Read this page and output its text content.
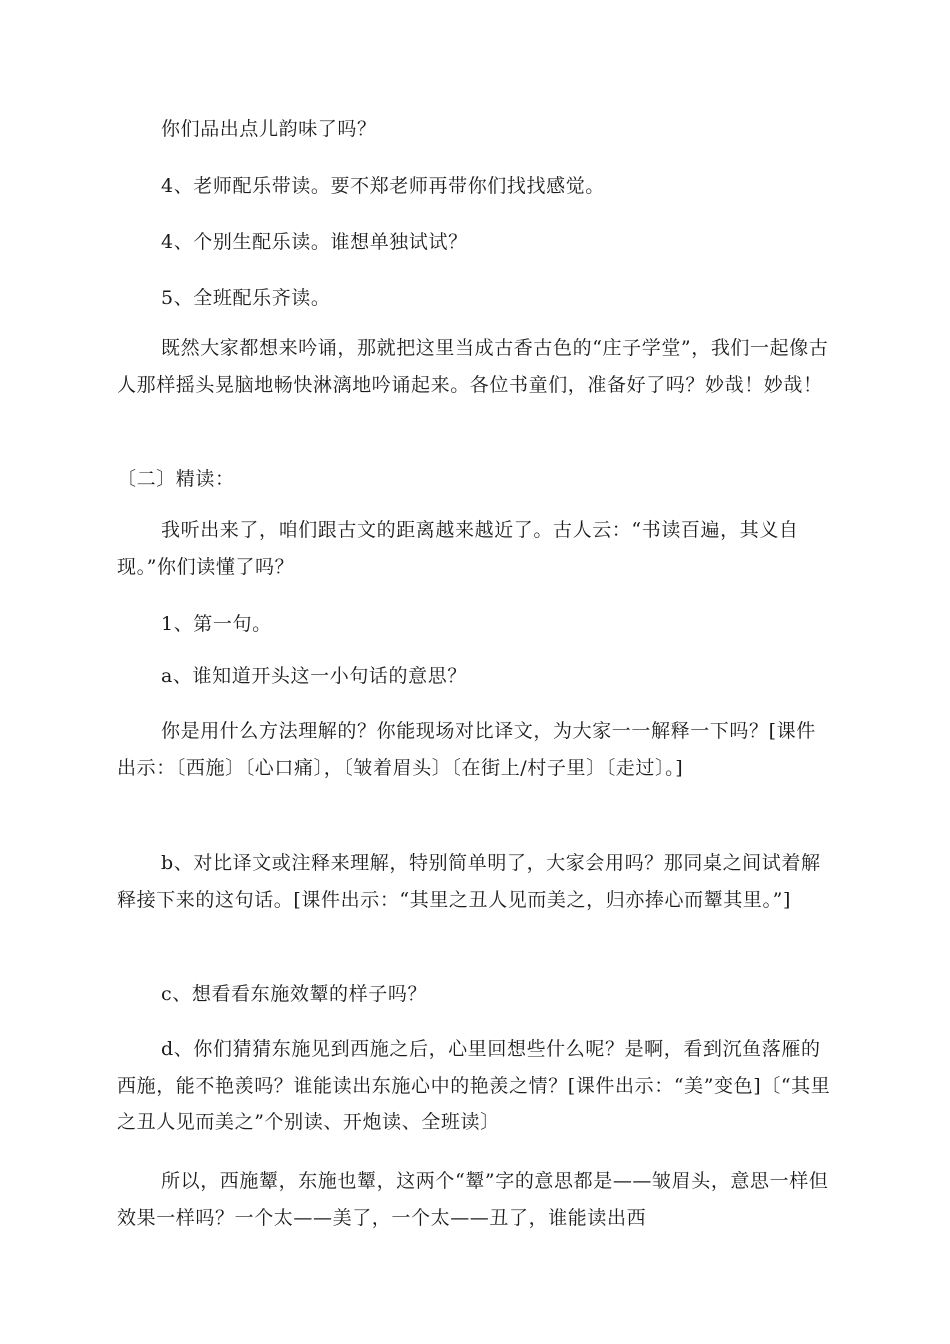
你们品出点儿韵味了吗？

4、老师配乐带读。要不郑老师再带你们找找感觉。

4、个别生配乐读。谁想单独试试？

5、全班配乐齐读。

既然大家都想来吟诵，那就把这里当成古香古色的“庄子学堂”，我们一起像古人那样摇头晃脑地畅快淋漓地吟诵起来。各位书童们，准备好了吗？妙哉！妙哉！

〔二〕精读：

我听出来了，咱们跟古文的距离越来越近了。古人云：“书读百遍，其义自现。”你们读懂了吗？

1、第一句。

a、谁知道开头这一小句话的意思？

你是用什么方法理解的？你能现场对比译文，为大家一一解释一下吗？[课件出示：〔西施〕〔心口痛〕，〔皱着眉头〕〔在街上/村子里〕〔走过〕。]

b、对比译文或注释来理解，特别简单明了，大家会用吗？那同桌之间试着解释接下来的这句话。[课件出示：“其里之丑人见而美之，归亦捧心而颦其里。”]

c、想看看东施效颦的样子吗？

d、你们猜猜东施见到西施之后，心里回想些什么呢？是啊，看到沉鱼落雁的西施，能不艳羡吗？谁能读出东施心中的艳羡之情？[课件出示：“美”变色]〔“其里之丑人见而美之”个别读、开炮读、全班读〕

所以，西施颦，东施也颦，这两个“颦”字的意思都是——皱眉头，意思一样但效果一样吗？一个太——美了，一个太——丑了，谁能读出西
